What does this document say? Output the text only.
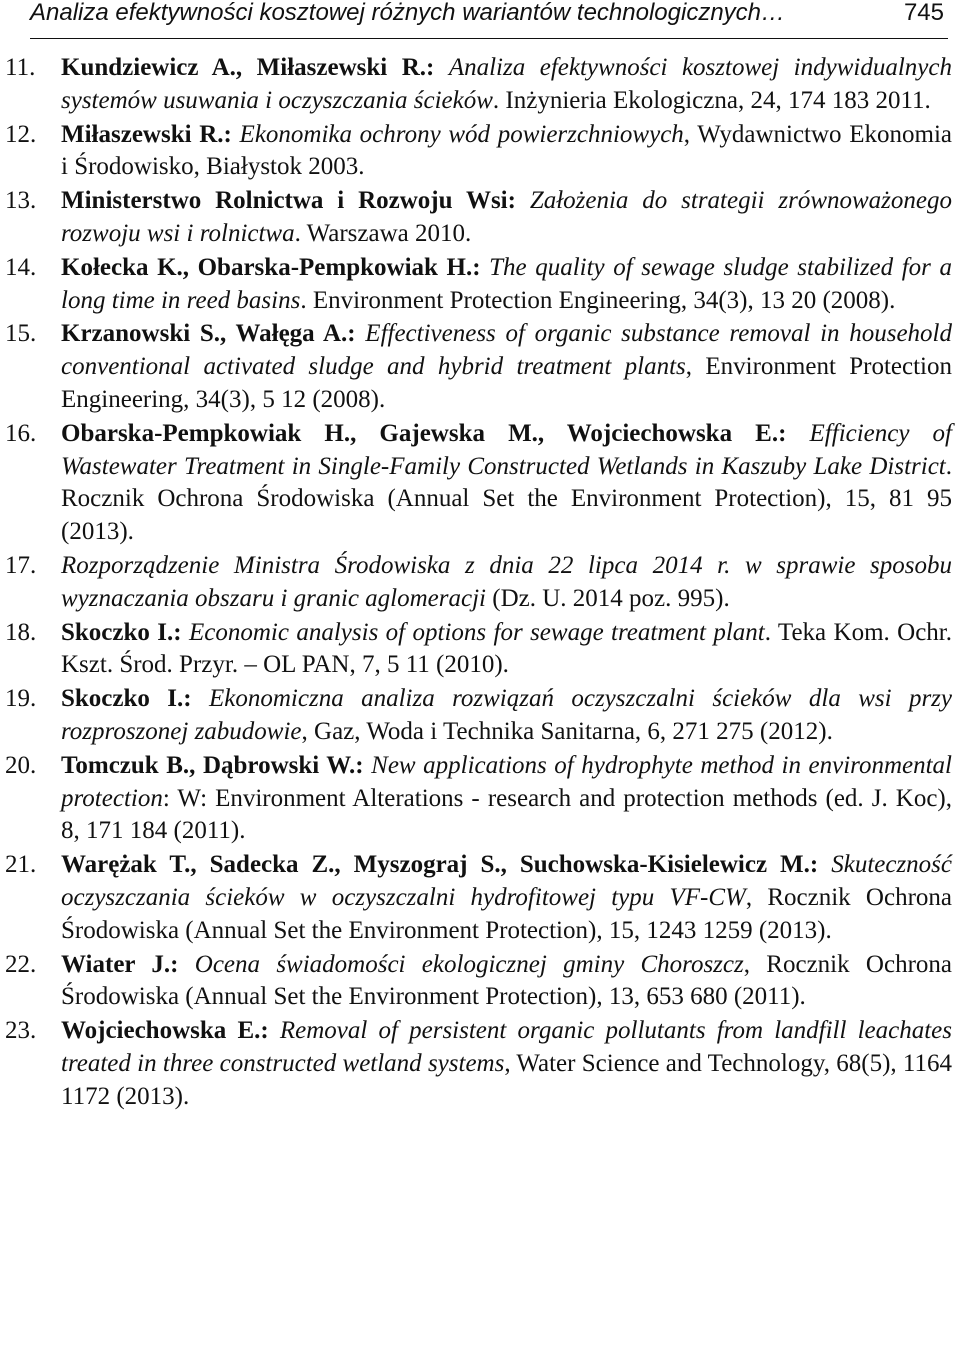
Analiza efektywności kosztowej różnych wariantów technologicznych…	745
11.	Kundziewicz A., Miłaszewski R.: Analiza efektywności kosztowej indywidualnych systemów usuwania i oczyszczania ścieków. Inżynieria Ekologiczna, 24, 174 183 2011.
12. Miłaszewski R.: Ekonomika ochrony wód powierzchniowych, Wydawnictwo Ekonomia i Środowisko, Białystok 2003.
13. Ministerstwo Rolnictwa i Rozwoju Wsi: Założenia do strategii zrównoważonego rozwoju wsi i rolnictwa. Warszawa 2010.
14. Kołecka K., Obarska-Pempkowiak H.: The quality of sewage sludge stabilized for a long time in reed basins. Environment Protection Engineering, 34(3), 13 20 (2008).
15. Krzanowski S., Wałęga A.: Effectiveness of organic substance removal in household conventional activated sludge and hybrid treatment plants, Environment Protection Engineering, 34(3), 5 12 (2008).
16. Obarska-Pempkowiak H., Gajewska M., Wojciechowska E.: Efficiency of Wastewater Treatment in Single-Family Constructed Wetlands in Kaszuby Lake District. Rocznik Ochrona Środowiska (Annual Set the Environment Protection), 15, 81 95 (2013).
17. Rozporządzenie Ministra Środowiska z dnia 22 lipca 2014 r. w sprawie sposobu wyznaczania obszaru i granic aglomeracji (Dz. U. 2014 poz. 995).
18. Skoczko I.: Economic analysis of options for sewage treatment plant. Teka Kom. Ochr. Kszt. Środ. Przyr. – OL PAN, 7, 5 11 (2010).
19. Skoczko I.: Ekonomiczna analiza rozwiązań oczyszczalni ścieków dla wsi przy rozproszonej zabudowie, Gaz, Woda i Technika Sanitarna, 6, 271 275 (2012).
20. Tomczuk B., Dąbrowski W.: New applications of hydrophyte method in environmental protection: W: Environment Alterations - research and protection methods (ed. J. Koc), 8, 171 184 (2011).
21. Warężak T., Sadecka Z., Myszograj S., Suchowska-Kisielewicz M.: Skuteczność oczyszczania ścieków w oczyszczalni hydrofitowej typu VF-CW, Rocznik Ochrona Środowiska (Annual Set the Environment Protection), 15, 1243 1259 (2013).
22. Wiater J.: Ocena świadomości ekologicznej gminy Choroszcz, Rocznik Ochrona Środowiska (Annual Set the Environment Protection), 13, 653 680 (2011).
23. Wojciechowska E.: Removal of persistent organic pollutants from landfill leachates treated in three constructed wetland systems, Water Science and Technology, 68(5), 1164 1172 (2013).
